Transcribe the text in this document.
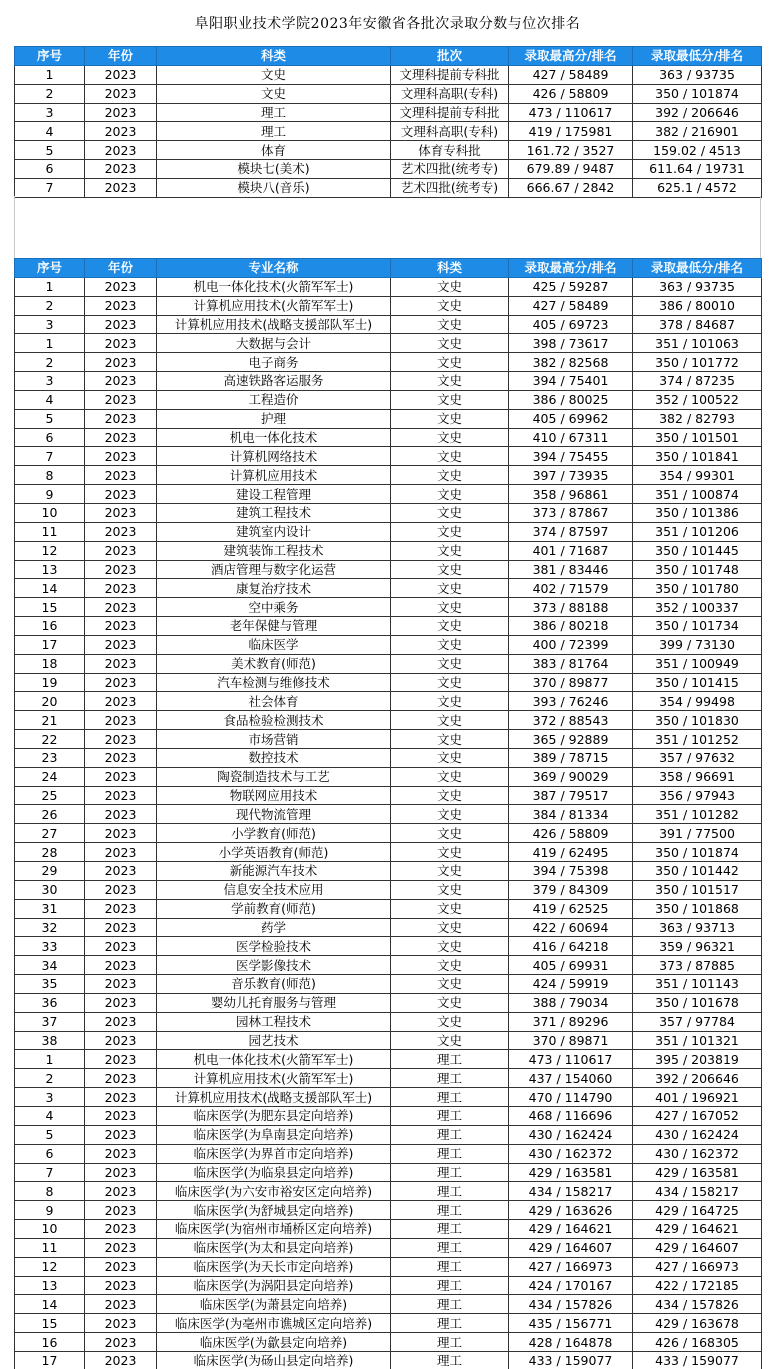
阜阳职业技术学院2023年安徽省各批次录取分数与位次排名
序号	年份	科类	批次	录取最高分/排名	录取最低分/排名
1	2023	文史	文理科提前专科批	427 / 58489	363 / 93735
2	2023	文史	文理科高职(专科)	426 / 58809	350 / 101874
3	2023	理工	文理科提前专科批	473 / 110617	392 / 206646
4	2023	理工	文理科高职(专科)	419 / 175981	382 / 216901
5	2023	体育	体育专科批	161.72 / 3527	159.02 / 4513
6	2023	模块七(美术)	艺术四批(统考专)	679.89 / 9487	611.64 / 19731
7	2023	模块八(音乐)	艺术四批(统考专)	666.67 / 2842	625.1 / 4572
序号	年份	专业名称	科类	录取最高分/排名	录取最低分/排名
1	2023	机电一体化技术(火箭军军士)	文史	425 / 59287	363 / 93735
2	2023	计算机应用技术(火箭军军士)	文史	427 / 58489	386 / 80010
3	2023	计算机应用技术(战略支援部队军士)	文史	405 / 69723	378 / 84687
1	2023	大数据与会计	文史	398 / 73617	351 / 101063
2	2023	电子商务	文史	382 / 82568	350 / 101772
3	2023	高速铁路客运服务	文史	394 / 75401	374 / 87235
4	2023	工程造价	文史	386 / 80025	352 / 100522
5	2023	护理	文史	405 / 69962	382 / 82793
6	2023	机电一体化技术	文史	410 / 67311	350 / 101501
7	2023	计算机网络技术	文史	394 / 75455	350 / 101841
8	2023	计算机应用技术	文史	397 / 73935	354 / 99301
9	2023	建设工程管理	文史	358 / 96861	351 / 100874
10	2023	建筑工程技术	文史	373 / 87867	350 / 101386
11	2023	建筑室内设计	文史	374 / 87597	351 / 101206
12	2023	建筑装饰工程技术	文史	401 / 71687	350 / 101445
13	2023	酒店管理与数字化运营	文史	381 / 83446	350 / 101748
14	2023	康复治疗技术	文史	402 / 71579	350 / 101780
15	2023	空中乘务	文史	373 / 88188	352 / 100337
16	2023	老年保健与管理	文史	386 / 80218	350 / 101734
17	2023	临床医学	文史	400 / 72399	399 / 73130
18	2023	美术教育(师范)	文史	383 / 81764	351 / 100949
19	2023	汽车检测与维修技术	文史	370 / 89877	350 / 101415
20	2023	社会体育	文史	393 / 76246	354 / 99498
21	2023	食品检验检测技术	文史	372 / 88543	350 / 101830
22	2023	市场营销	文史	365 / 92889	351 / 101252
23	2023	数控技术	文史	389 / 78715	357 / 97632
24	2023	陶瓷制造技术与工艺	文史	369 / 90029	358 / 96691
25	2023	物联网应用技术	文史	387 / 79517	356 / 97943
26	2023	现代物流管理	文史	384 / 81334	351 / 101282
27	2023	小学教育(师范)	文史	426 / 58809	391 / 77500
28	2023	小学英语教育(师范)	文史	419 / 62495	350 / 101874
29	2023	新能源汽车技术	文史	394 / 75398	350 / 101442
30	2023	信息安全技术应用	文史	379 / 84309	350 / 101517
31	2023	学前教育(师范)	文史	419 / 62525	350 / 101868
32	2023	药学	文史	422 / 60694	363 / 93713
33	2023	医学检验技术	文史	416 / 64218	359 / 96321
34	2023	医学影像技术	文史	405 / 69931	373 / 87885
35	2023	音乐教育(师范)	文史	424 / 59919	351 / 101143
36	2023	婴幼儿托育服务与管理	文史	388 / 79034	350 / 101678
37	2023	园林工程技术	文史	371 / 89296	357 / 97784
38	2023	园艺技术	文史	370 / 89871	351 / 101321
1	2023	机电一体化技术(火箭军军士)	理工	473 / 110617	395 / 203819
2	2023	计算机应用技术(火箭军军士)	理工	437 / 154060	392 / 206646
3	2023	计算机应用技术(战略支援部队军士)	理工	470 / 114790	401 / 196921
4	2023	临床医学(为肥东县定向培养)	理工	468 / 116696	427 / 167052
5	2023	临床医学(为阜南县定向培养)	理工	430 / 162424	430 / 162424
6	2023	临床医学(为界首市定向培养)	理工	430 / 162372	430 / 162372
7	2023	临床医学(为临泉县定向培养)	理工	429 / 163581	429 / 163581
8	2023	临床医学(为六安市裕安区定向培养)	理工	434 / 158217	434 / 158217
9	2023	临床医学(为舒城县定向培养)	理工	429 / 163626	429 / 164725
10	2023	临床医学(为宿州市埇桥区定向培养)	理工	429 / 164621	429 / 164621
11	2023	临床医学(为太和县定向培养)	理工	429 / 164607	429 / 164607
12	2023	临床医学(为天长市定向培养)	理工	427 / 166973	427 / 166973
13	2023	临床医学(为涡阳县定向培养)	理工	424 / 170167	422 / 172185
14	2023	临床医学(为萧县定向培养)	理工	434 / 157826	434 / 157826
15	2023	临床医学(为亳州市谯城区定向培养)	理工	435 / 156771	429 / 163678
16	2023	临床医学(为歙县定向培养)	理工	428 / 164878	426 / 168305
17	2023	临床医学(为砀山县定向培养)	理工	433 / 159077	433 / 159077
